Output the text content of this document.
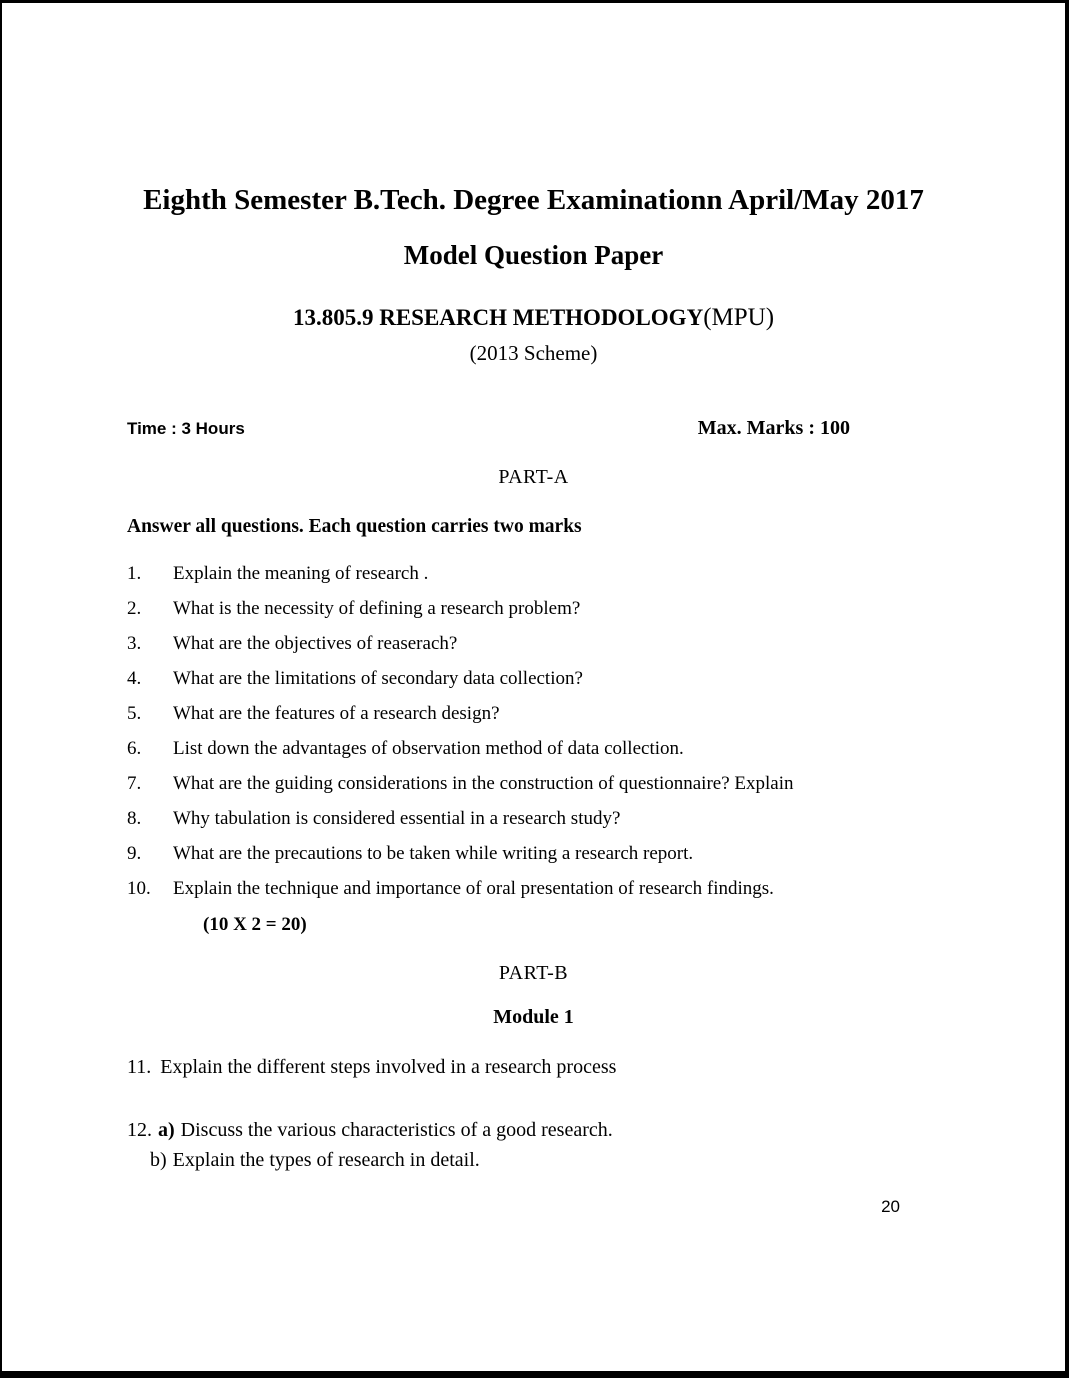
Eighth Semester B.Tech. Degree Examinationn April/May 2017
Model Question Paper
13.805.9 RESEARCH METHODOLOGY(MPU)
(2013 Scheme)
Time : 3 Hours	Max. Marks : 100
PART-A
Answer all questions. Each question carries two marks
1.	Explain the meaning of research .
2.	What is the necessity of defining a research problem?
3.	What are the objectives of reaserach?
4.	What are the limitations of secondary data collection?
5.	What are the features of a research design?
6.	List down the advantages of observation method of data collection.
7.	What are the guiding considerations in the construction of questionnaire? Explain
8.	Why tabulation is considered essential in a research study?
9.	What are the precautions to be taken while writing a research report.
10.	Explain the technique and importance of oral presentation of research findings.
(10 X 2 = 20)
PART-B
Module 1
11. Explain the different steps involved in a research process
12. a) Discuss the various characteristics of a good research.
b) Explain the types of research in detail.
20
